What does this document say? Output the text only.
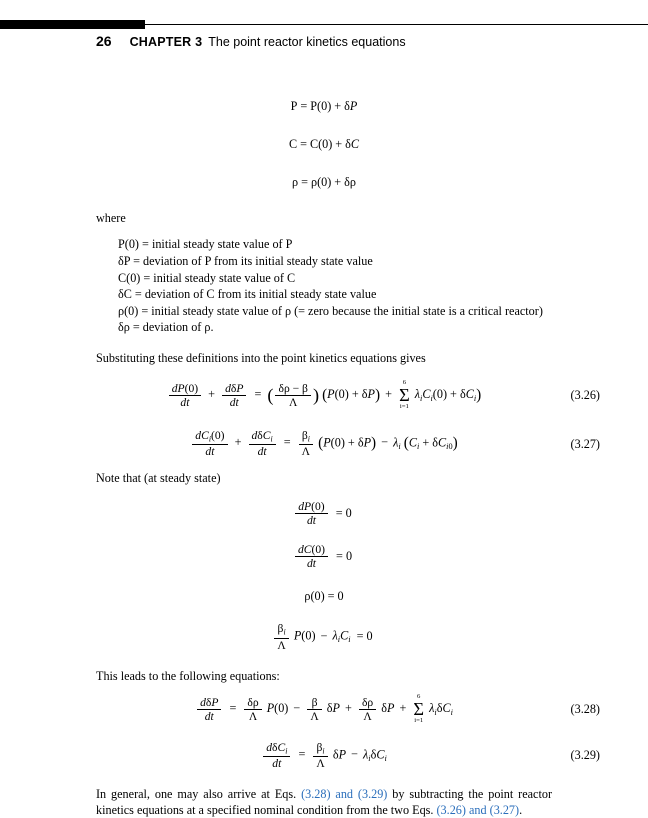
26 CHAPTER 3 The point reactor kinetics equations
P = P(0) + δP
C = C(0) + δC
ρ = ρ(0) + δρ
where
P(0) = initial steady state value of P
δP = deviation of P from its initial steady state value
C(0) = initial steady state value of C
δC = deviation of C from its initial steady state value
ρ(0) = initial steady state value of ρ (= zero because the initial state is a critical reactor)
δρ = deviation of ρ.
Substituting these definitions into the point kinetics equations gives
$\frac{dP(0)}{dt} + \frac{\text{dδP}}{dt}$ = ( $\frac{\delta\rho - \beta}{\Lambda}$ ) (P(0) + δP) +
6
Σ
i=1
$\lambda_iC_i(0) + \delta C_i$)	(3.26)
$\frac{dC_i(0)}{dt} + \frac{d\delta C_i}{dt} = \frac{\beta_i}{\Lambda} (P(0) + \delta P) - \lambda_i$ $(C_i + \delta C_{i0})$	(3.27)
Note that (at steady state)
$\frac{dP(0)}{dt} = 0$
$\frac{dC(0)}{dt} = 0$
ρ(0) = 0
$\frac{\beta_i}{\Lambda} P(0) - \lambda_iC_i = 0$
This leads to the following equations:
$\frac{\text{dδP}}{dt} = \frac{\delta\rho}{\Lambda} P(0) - \frac{\beta}{\Lambda}$ $\delta P + \frac{\delta\rho}{\Lambda}$ δP +
6
Σ
i=1
$\lambda_i\delta C_i$	(3.28)
$\frac{d\delta C_i}{dt} = \frac{\beta_i}{\Lambda}$ $\delta P - \lambda_i\delta C_i$	(3.29)
In general, one may also arrive at Eqs. (3.28) and (3.29) by subtracting the point reactor kinetics equations at a specified nominal condition from the two Eqs. (3.26) and (3.27).
